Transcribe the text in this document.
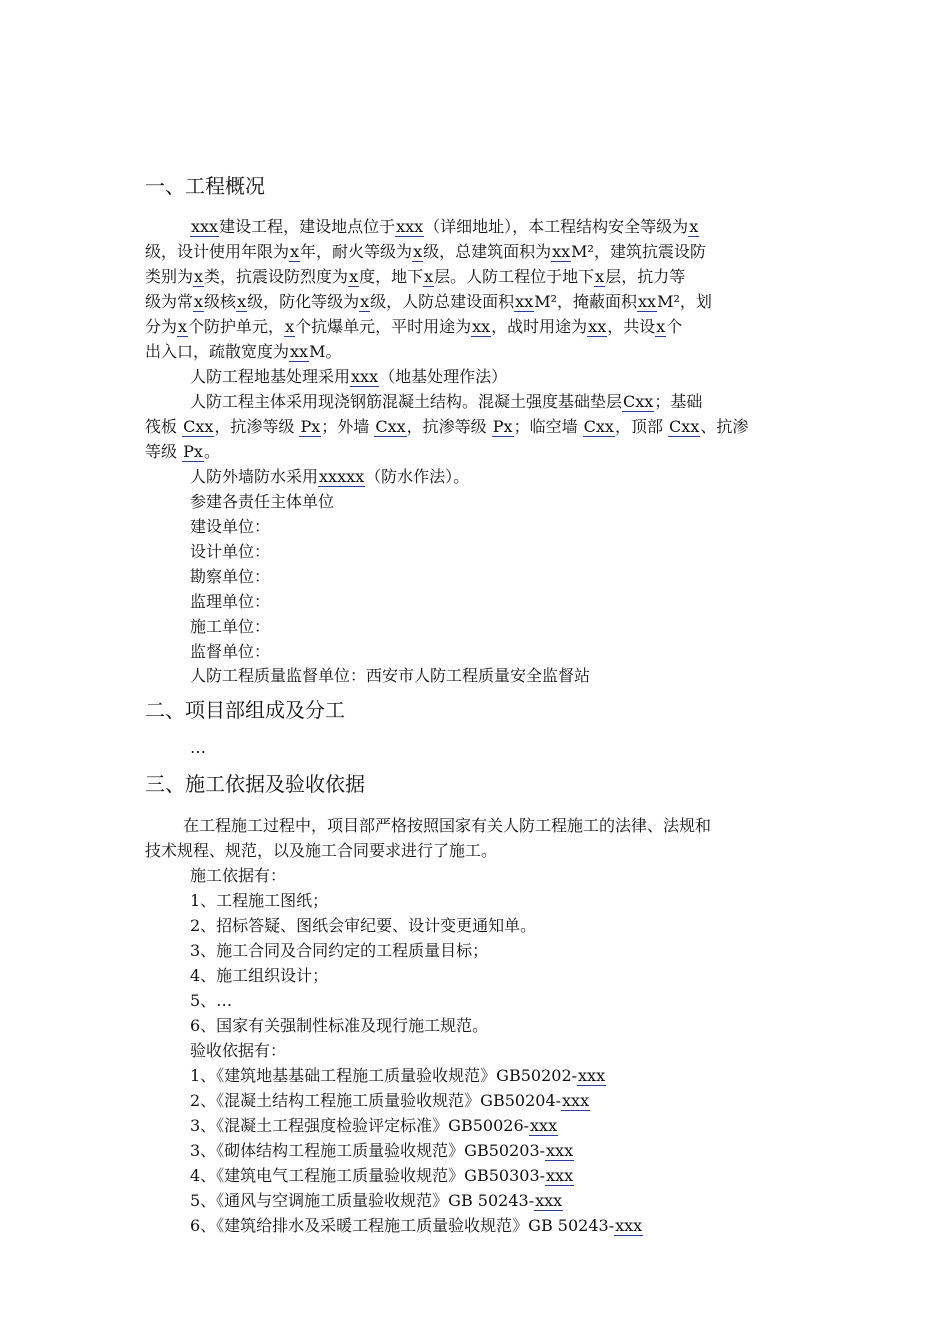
一、工程概况
xxx建设工程，建设地点位于xxx（详细地址），本工程结构安全等级为x
级，设计使用年限为x年，耐火等级为x级，总建筑面积为xxM²，建筑抗震设防
类别为x类，抗震设防烈度为x度，地下x层。人防工程位于地下x层，抗力等
级为常x级核x级，防化等级为x级，人防总建设面积xxM²，掩蔽面积xxM²，划
分为x个防护单元，x个抗爆单元，平时用途为xx，战时用途为xx，共设x个
出入口，疏散宽度为xxM。
人防工程地基处理采用xxx（地基处理作法）
人防工程主体采用现浇钢筋混凝土结构。混凝土强度基础垫层Cxx；基础
筏板 Cxx，抗渗等级 Px；外墙 Cxx，抗渗等级 Px；临空墙 Cxx，顶部 Cxx、抗渗
等级 Px。
人防外墙防水采用xxxxx（防水作法）。
参建各责任主体单位
建设单位：
设计单位：
勘察单位：
监理单位：
施工单位：
监督单位：
人防工程质量监督单位：西安市人防工程质量安全监督站
二、项目部组成及分工
…
三、施工依据及验收依据
在工程施工过程中，项目部严格按照国家有关人防工程施工的法律、法规和
技术规程、规范，以及施工合同要求进行了施工。
施工依据有：
1、工程施工图纸；
2、招标答疑、图纸会审纪要、设计变更通知单。
3、施工合同及合同约定的工程质量目标；
4、施工组织设计；
5、…
6、国家有关强制性标准及现行施工规范。
验收依据有：
1、《建筑地基基础工程施工质量验收规范》GB50202-xxx
2、《混凝土结构工程施工质量验收规范》GB50204-xxx
3、《混凝土工程强度检验评定标准》GB50026-xxx
3、《砌体结构工程施工质量验收规范》GB50203-xxx
4、《建筑电气工程施工质量验收规范》GB50303-xxx
5、《通风与空调施工质量验收规范》GB 50243-xxx
6、《建筑给排水及采暖工程施工质量验收规范》GB 50243-xxx
